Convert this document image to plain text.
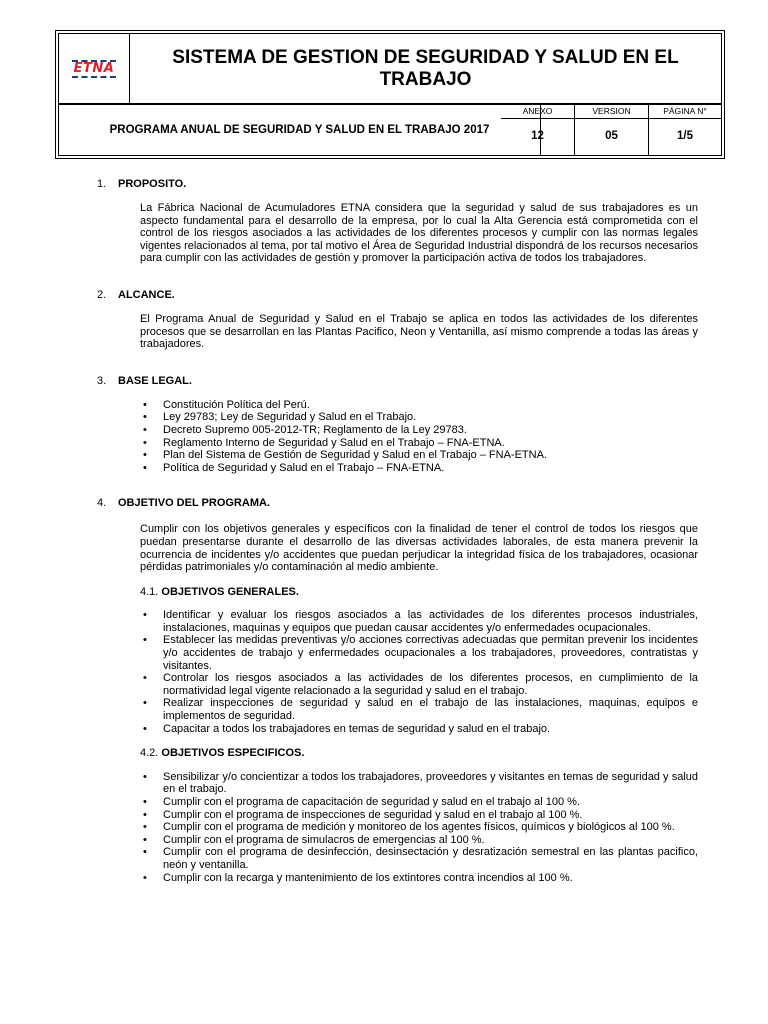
ETNA
SISTEMA DE GESTION DE SEGURIDAD Y SALUD EN EL TRABAJO
PROGRAMA ANUAL DE SEGURIDAD Y SALUD EN EL TRABAJO 2017
ANEXO
12
VERSION
05
PÁGINA N°
1/5
1. PROPOSITO.

La Fábrica Nacional de Acumuladores ETNA considera que la seguridad y salud de sus trabajadores es un aspecto fundamental para el desarrollo de la empresa, por lo cual la Alta Gerencia está comprometida con el control de los riesgos asociados a las actividades de los diferentes procesos y cumplir con las normas legales vigentes relacionados al tema, por tal motivo el Área de Seguridad Industrial dispondrá de los recursos necesarios para cumplir con las actividades de gestión y promover la participación activa de todos los trabajadores.

2. ALCANCE.

El Programa Anual de Seguridad y Salud en el Trabajo se aplica en todos las actividades de los diferentes procesos que se desarrollan en las Plantas Pacifico, Neon y Ventanilla, así mismo comprende a todas las áreas y trabajadores.

3. BASE LEGAL.
• Constitución Política del Perú.
• Ley 29783; Ley de Seguridad y Salud en el Trabajo.
• Decreto Supremo 005-2012-TR; Reglamento de la Ley 29783.
• Reglamento Interno de Seguridad y Salud en el Trabajo – FNA-ETNA.
• Plan del Sistema de Gestión de Seguridad y Salud en el Trabajo – FNA-ETNA.
• Política de Seguridad y Salud en el Trabajo – FNA-ETNA.
4. OBJETIVO DEL PROGRAMA.

Cumplir con los objetivos generales y específicos con la finalidad de tener el control de todos los riesgos que puedan presentarse durante el desarrollo de las diversas actividades laborales, de esta manera prevenir la ocurrencia de incidentes y/o accidentes que puedan perjudicar la integridad física de los trabajadores, ocasionar pérdidas patrimoniales y/o contaminación al medio ambiente.

4.1. OBJETIVOS GENERALES.
• Identificar y evaluar los riesgos asociados a las actividades de los diferentes procesos industriales, instalaciones, maquinas y equipos que puedan causar accidentes y/o enfermedades ocupacionales.
• Establecer las medidas preventivas y/o acciones correctivas adecuadas que permitan prevenir los incidentes y/o accidentes de trabajo y enfermedades ocupacionales a los trabajadores, proveedores, contratistas y visitantes.
• Controlar los riesgos asociados a las actividades de los diferentes procesos, en cumplimiento de la normatividad legal vigente relacionado a la seguridad y salud en el trabajo.
• Realizar inspecciones de seguridad y salud en el trabajo de las instalaciones, maquinas, equipos e implementos de seguridad.
• Capacitar a todos los trabajadores en temas de seguridad y salud en el trabajo.
4.2. OBJETIVOS ESPECIFICOS.
• Sensibilizar y/o concientizar a todos los trabajadores, proveedores y visitantes en temas de seguridad y salud en el trabajo.
• Cumplir con el programa de capacitación de seguridad y salud en el trabajo al 100 %.
• Cumplir con el programa de inspecciones de seguridad y salud en el trabajo al 100 %.
• Cumplir con el programa de medición y monitoreo de los agentes físicos, químicos y biológicos al 100 %.
• Cumplir con el programa de simulacros de emergencias al 100 %.
• Cumplir con el programa de desinfección, desinsectación y desratización semestral en las plantas pacifico, neón y ventanilla.
• Cumplir con la recarga y mantenimiento de los extintores contra incendios al 100 %.
